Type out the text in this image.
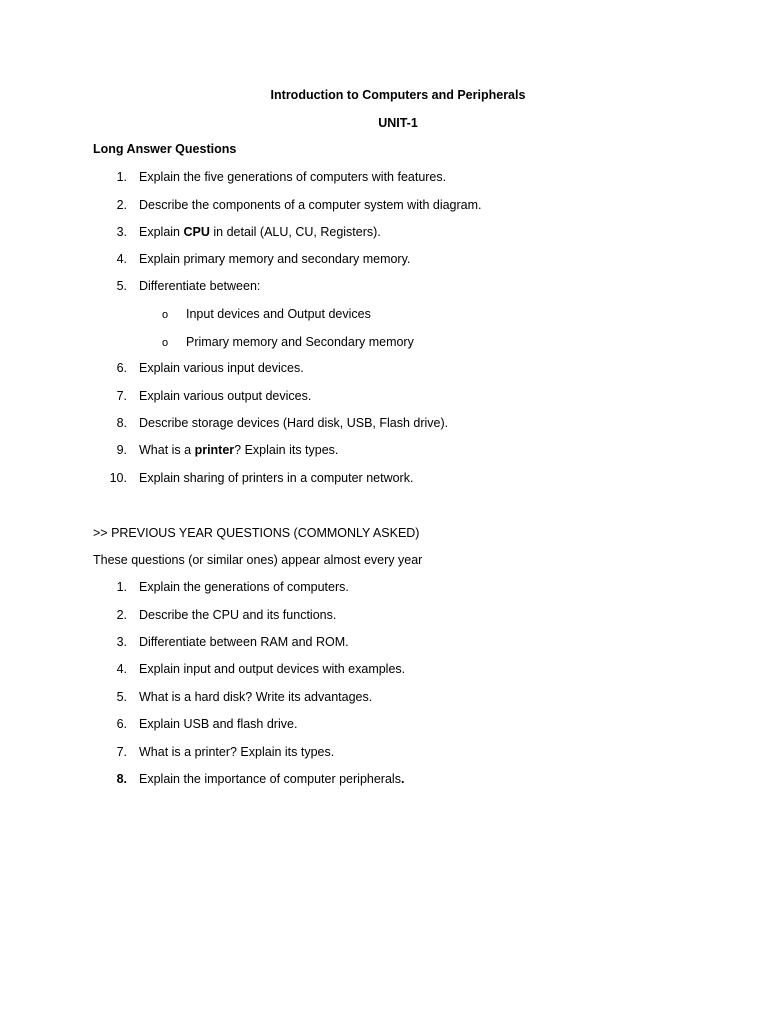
Introduction to Computers and Peripherals
UNIT-1
Long Answer Questions
1. Explain the five generations of computers with features.
2. Describe the components of a computer system with diagram.
3. Explain CPU in detail (ALU, CU, Registers).
4. Explain primary memory and secondary memory.
5. Differentiate between:
o Input devices and Output devices
o Primary memory and Secondary memory
6. Explain various input devices.
7. Explain various output devices.
8. Describe storage devices (Hard disk, USB, Flash drive).
9. What is a printer? Explain its types.
10. Explain sharing of printers in a computer network.
>> PREVIOUS YEAR QUESTIONS (COMMONLY ASKED)
These questions (or similar ones) appear almost every year
1. Explain the generations of computers.
2. Describe the CPU and its functions.
3. Differentiate between RAM and ROM.
4. Explain input and output devices with examples.
5. What is a hard disk? Write its advantages.
6. Explain USB and flash drive.
7. What is a printer? Explain its types.
8. Explain the importance of computer peripherals.
